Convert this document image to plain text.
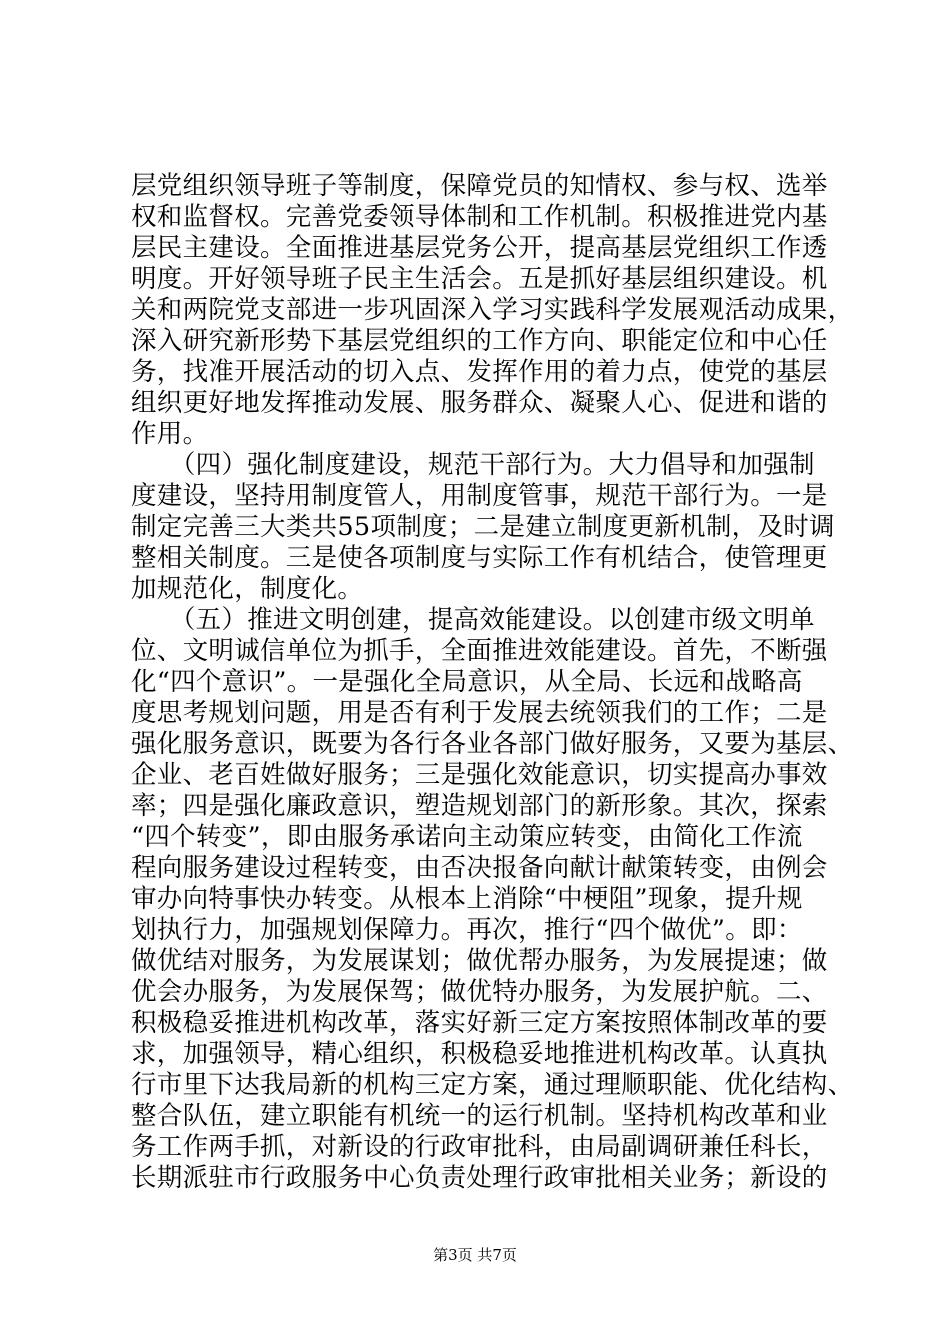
层党组织领导班子等制度，保障党员的知情权、参与权、选举
权和监督权。完善党委领导体制和工作机制。积极推进党内基
层民主建设。全面推进基层党务公开，提高基层党组织工作透
明度。开好领导班子民主生活会。五是抓好基层组织建设。机
关和两院党支部进一步巩固深入学习实践科学发展观活动成果，
深入研究新形势下基层党组织的工作方向、职能定位和中心任
务，找准开展活动的切入点、发挥作用的着力点，使党的基层
组织更好地发挥推动发展、服务群众、凝聚人心、促进和谐的
作用。
　　（四）强化制度建设，规范干部行为。大力倡导和加强制
度建设，坚持用制度管人，用制度管事，规范干部行为。一是
制定完善三大类共55项制度；二是建立制度更新机制，及时调
整相关制度。三是使各项制度与实际工作有机结合，使管理更
加规范化，制度化。
　　（五）推进文明创建，提高效能建设。以创建市级文明单
位、文明诚信单位为抓手，全面推进效能建设。首先，不断强
化“四个意识”。一是强化全局意识，从全局、长远和战略高
度思考规划问题，用是否有利于发展去统领我们的工作；二是
强化服务意识，既要为各行各业各部门做好服务，又要为基层、
企业、老百姓做好服务；三是强化效能意识，切实提高办事效
率；四是强化廉政意识，塑造规划部门的新形象。其次，探索
“四个转变”，即由服务承诺向主动策应转变，由简化工作流
程向服务建设过程转变，由否决报备向献计献策转变，由例会
审办向特事快办转变。从根本上消除“中梗阻”现象，提升规
划执行力，加强规划保障力。再次，推行“四个做优”。即：
做优结对服务，为发展谋划；做优帮办服务，为发展提速；做
优会办服务，为发展保驾；做优特办服务，为发展护航。二、
积极稳妥推进机构改革，落实好新三定方案按照体制改革的要
求，加强领导，精心组织，积极稳妥地推进机构改革。认真执
行市里下达我局新的机构三定方案，通过理顺职能、优化结构、
整合队伍，建立职能有机统一的运行机制。坚持机构改革和业
务工作两手抓，对新设的行政审批科，由局副调研兼任科长，
长期派驻市行政服务中心负责处理行政审批相关业务；新设的
第3页 共7页
